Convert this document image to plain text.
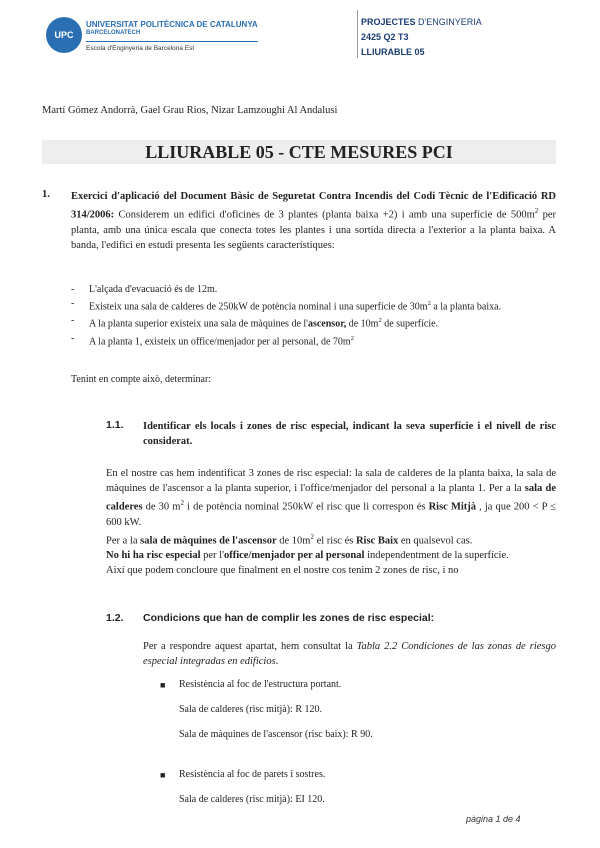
UPC
UNIVERSITAT POLITÈCNICA DE CATALUNYA
BARCELONATECH
Escola d'Enginyeria de Barcelona Est
PROJECTES D'ENGINYERIA
2425 Q2 T3
LLIURABLE 05
Martí Gómez Andorrà, Gael Grau Rios, Nizar Lamzoughi Al Andalusi
LLIURABLE 05 - CTE MESURES PCI
1. Exercici d'aplicació del Document Bàsic de Seguretat Contra Incendis del Codi Tècnic de l'Edificació RD 314/2006: Considerem un edifici d'oficines de 3 plantes (planta baixa +2) i amb una superfície de $500m^2$ per planta, amb una única escala que conecta totes les plantes i una sortida directa a l'exterior a la planta baixa. A banda, l'edifici en estudi presenta les següents característiques:
-	L'alçada d'evacuació és de 12m.
-	Existeix una sala de calderes de 250kW de potència nominal i una superfície de $30m^2$ a la planta baixa.
-	A la planta superior existeix una sala de màquines de l'ascensor, de $10m^2$ de superfície.
-	A la planta 1, existeix un office/menjador per al personal, de $70m^2$
Tenint en compte això, determinar:
1.1. Identificar els locals i zones de risc especial, indicant la seva superfície i el nivell de risc considerat.
En el nostre cas hem indentificat 3 zones de risc especial: la sala de calderes de la planta baixa, la sala de màquines de l'ascensor a la planta superior, i l'office/menjador del personal a la planta 1. Per a la sala de calderes de 30 $m^2$ i de potència nominal 250kW el risc que li correspon és Risc Mitjà , ja que 200 < P ≤ 600 kW.
Per a la sala de màquines de l'ascensor de $10m^2$ el risc és Risc Baix en qualsevol cas.
No hi ha risc especial per l'office/menjador per al personal independentment de la superfície.
Així que podem concloure que finalment en el nostre cos tenim 2 zones de risc, i no
1.2. Condicions que han de complir les zones de risc especial:
Per a respondre aquest apartat, hem consultat la Tabla 2.2 Condiciones de las zonas de riesgo especial integradas en edificios.
■ Resistència al foc de l'estructura portant.
Sala de calderes (risc mitjà): R 120.
Sala de màquines de l'ascensor (risc baix): R 90.
■ Resistència al foc de parets i sostres.
Sala de calderes (risc mitjà): EI 120.
pàgina 1 de 4
